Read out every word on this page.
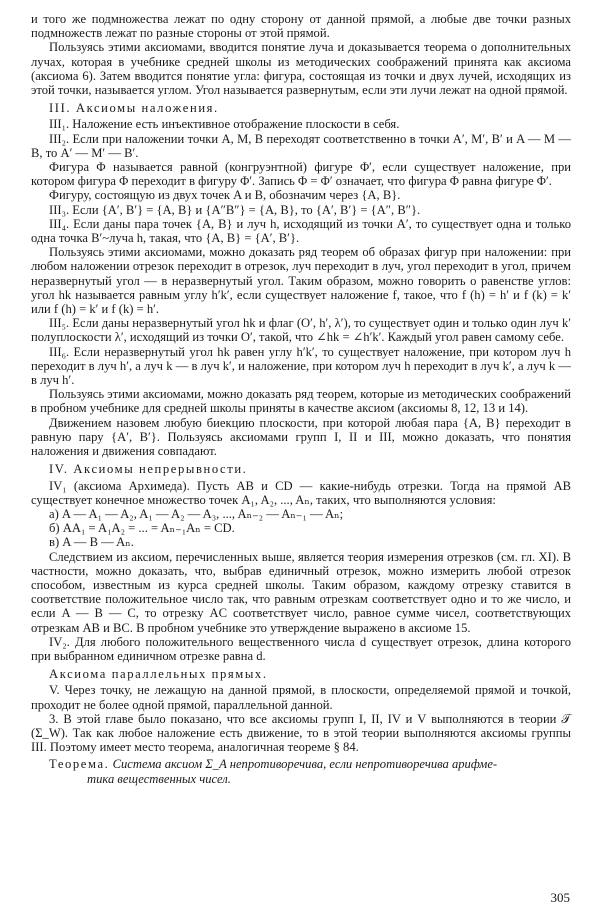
и того же подмножества лежат по одну сторону от данной прямой, а любые две точки разных подмножеств лежат по разные стороны от этой прямой.

Пользуясь этими аксиомами, вводится понятие луча и доказывается теорема о дополнительных лучах, которая в учебнике средней школы из методических соображений принята как аксиома (аксиома 6). Затем вводится понятие угла: фигура, состоящая из точки и двух лучей, исходящих из этой точки, называется углом. Угол называется развернутым, если эти лучи лежат на одной прямой.

III. Аксиомы наложения.

III₁. Наложение есть инъективное отображение плоскости в себя.

III₂. Если при наложении точки A, M, B переходят соответственно в точки A′, M′, B′ и A — M — B, то A′ — M′ — B′.

Фигура Φ называется равной (конгруэнтной) фигуре Φ′, если существует наложение, при котором фигура Φ переходит в фигуру Φ′. Запись Φ = Φ′ означает, что фигура Φ равна фигуре Φ′.

Фигуру, состоящую из двух точек A и B, обозначим через {A, B}.

III₃. Если {A′, B′} = {A, B} и {A″B″} = {A, B}, то {A′, B′} = {A″, B″}.

III₄. Если даны пара точек {A, B} и луч h, исходящий из точки A′, то существует одна и только одна точка B′~луча h, такая, что {A, B} = {A′, B′}.

Пользуясь этими аксиомами, можно доказать ряд теорем об образах фигур при наложении: при любом наложении отрезок переходит в отрезок, луч переходит в луч, угол переходит в угол, причем неразвернутый угол — в неразвернутый угол. Таким образом, можно говорить о равенстве углов: угол hk называется равным углу h′k′, если существует наложение f, такое, что f (h) = h′ и f (k) = k′ или f (h) = k′ и f (k) = h′.

III₅. Если даны неразвернутый угол hk и флаг (O′, h′, λ′), то существует один и только один луч k′ полуплоскости λ′, исходящий из точки O′, такой, что ∠hk = ∠h′k′. Каждый угол равен самому себе.

III₆. Если неразвернутый угол hk равен углу h′k′, то существует наложение, при котором луч h переходит в луч h′, а луч k — в луч k′, и наложение, при котором луч h переходит в луч k′, а луч k — в луч h′.

Пользуясь этими аксиомами, можно доказать ряд теорем, которые из методических соображений в пробном учебнике для средней школы приняты в качестве аксиом (аксиомы 8, 12, 13 и 14).

Движением назовем любую биекцию плоскости, при которой любая пара {A, B} переходит в равную пару {A′, B′}. Пользуясь аксиомами групп I, II и III, можно доказать, что понятия наложения и движения совпадают.

IV. Аксиомы непрерывности.

IV₁ (аксиома Архимеда). Пусть AB и CD — какие-нибудь отрезки. Тогда на прямой AB существует конечное множество точек A₁, A₂, ..., Aₙ, таких, что выполняются условия:

а) A — A₁ — A₂, A₁ — A₂ — A₃, ..., Aₙ₋₂ — Aₙ₋₁ — Aₙ;

б) AA₁ = A₁A₂ = ... = Aₙ₋₁Aₙ = CD.

в) A — B — Aₙ.

Следствием из аксиом, перечисленных выше, является теория измерения отрезков (см. гл. XI). В частности, можно доказать, что, выбрав единичный отрезок, можно измерить любой отрезок способом, известным из курса средней школы. Таким образом, каждому отрезку ставится в соответствие положительное число так, что равным отрезкам соответствует одно и то же число, и если A — B — C, то отрезку AC соответствует число, равное сумме чисел, соответствующих отрезкам AB и BC. В пробном учебнике это утверждение выражено в аксиоме 15.

IV₂. Для любого положительного вещественного числа d существует отрезок, длина которого при выбранном единичном отрезке равна d.

Аксиома параллельных прямых.

V. Через точку, не лежащую на данной прямой, в плоскости, определяемой прямой и точкой, проходит не более одной прямой, параллельной данной.

3. В этой главе было показано, что все аксиомы групп I, II, IV и V выполняются в теории 𝒯 (Σ_W). Так как любое наложение есть движение, то в этой теории выполняются аксиомы группы III. Поэтому имеет место теорема, аналогичная теореме § 84.

Теорема. Система аксиом Σ_A непротиворечива, если непротиворечива арифме-

тика вещественных чисел.

305
